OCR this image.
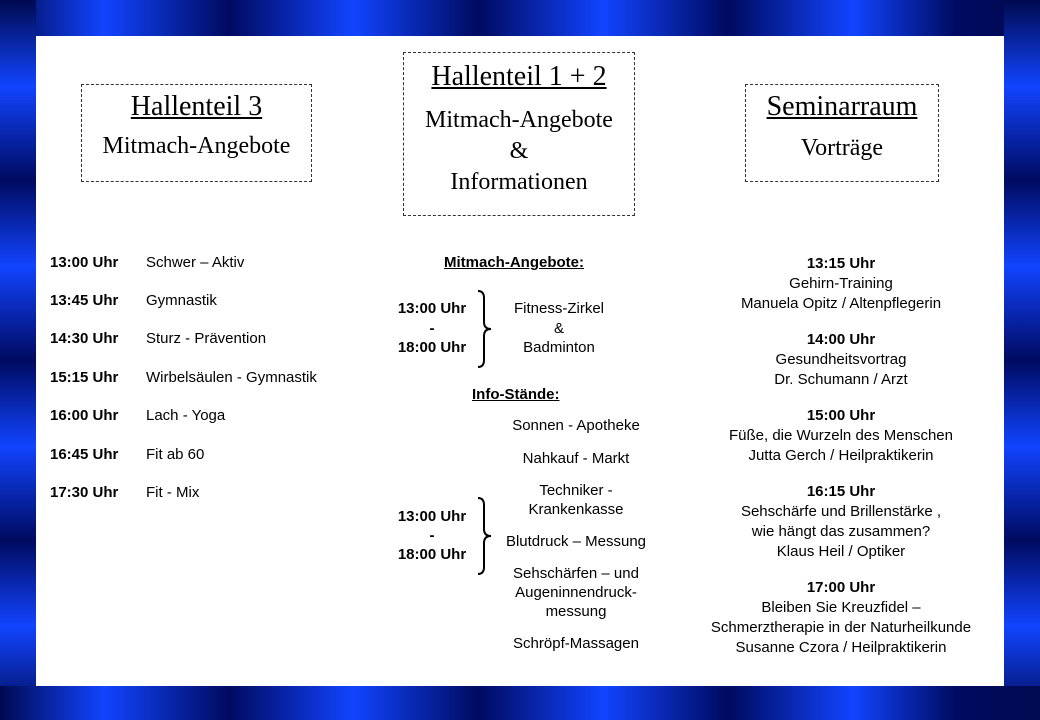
Hallenteil 3
Mitmach-Angebote
Hallenteil 1 + 2
Mitmach-Angebote
&
Informationen
Seminarraum
Vorträge
13:00 Uhr Schwer – Aktiv
13:45 Uhr Gymnastik
14:30 Uhr Sturz - Prävention
15:15 Uhr Wirbelsäulen - Gymnastik
16:00 Uhr Lach - Yoga
16:45 Uhr Fit ab 60
17:30 Uhr Fit - Mix
Mitmach-Angebote:
13:00 Uhr
-
18:00 Uhr
Fitness-Zirkel
&
Badminton
Info-Stände:
Sonnen - Apotheke
Nahkauf - Markt
Techniker -
Krankenkasse
Blutdruck – Messung
Sehschärfen – und
Augeninnendruck-
messung
Schröpf-Massagen
13:00 Uhr
-
18:00 Uhr
13:15 Uhr
Gehirn-Training
Manuela Opitz / Altenpflegerin
14:00 Uhr
Gesundheitsvortrag
Dr. Schumann / Arzt
15:00 Uhr
Füße, die Wurzeln des Menschen
Jutta Gerch / Heilpraktikerin
16:15 Uhr
Sehschärfe und Brillenstärke ,
wie hängt das zusammen?
Klaus Heil / Optiker
17:00 Uhr
Bleiben Sie Kreuzfidel –
Schmerztherapie in der Naturheilkunde
Susanne Czora / Heilpraktikerin
